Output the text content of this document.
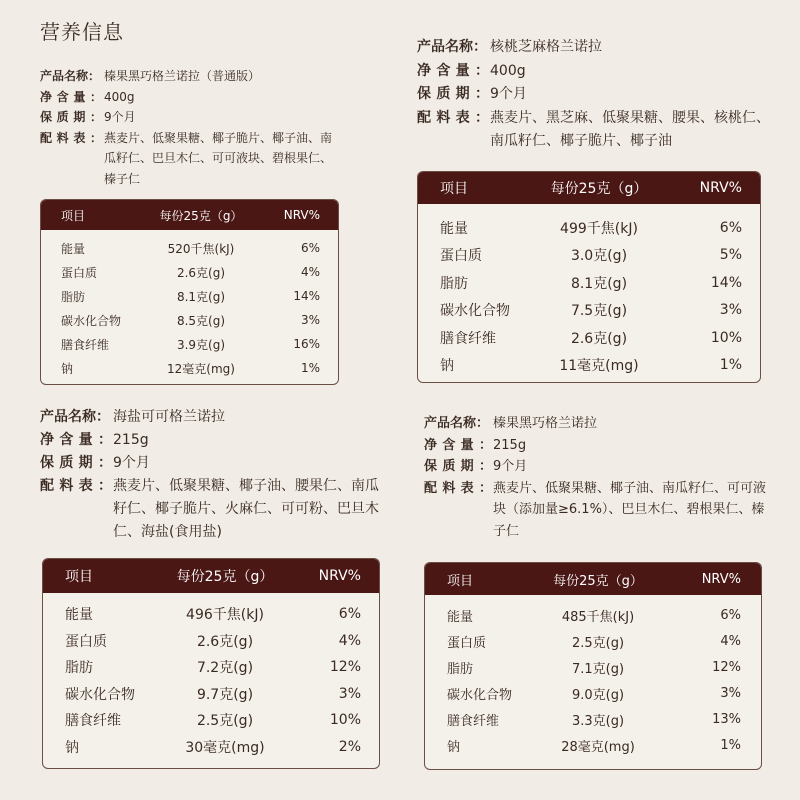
营养信息
产品名称： 榛果黑巧格兰诺拉（普通版）
净 含 量 ： 400g
保 质 期 ： 9个月
配 料 表 ： 燕麦片、低聚果糖、椰子脆片、椰子油、南瓜籽仁、巴旦木仁、可可液块、碧根果仁、榛子仁
项目	每份25克（g）	NRV%
能量	520千焦(kJ)	6%
蛋白质	2.6克(g)	4%
脂肪	8.1克(g)	14%
碳水化合物	8.5克(g)	3%
膳食纤维	3.9克(g)	16%
钠	12毫克(mg)	1%
产品名称： 核桃芝麻格兰诺拉
净 含 量 ： 400g
保 质 期 ： 9个月
配 料 表 ： 燕麦片、黑芝麻、低聚果糖、腰果、核桃仁、南瓜籽仁、椰子脆片、椰子油
项目	每份25克（g）	NRV%
能量	499千焦(kJ)	6%
蛋白质	3.0克(g)	5%
脂肪	8.1克(g)	14%
碳水化合物	7.5克(g)	3%
膳食纤维	2.6克(g)	10%
钠	11毫克(mg)	1%
产品名称： 海盐可可格兰诺拉
净 含 量 ： 215g
保 质 期 ： 9个月
配 料 表 ： 燕麦片、低聚果糖、椰子油、腰果仁、南瓜籽仁、椰子脆片、火麻仁、可可粉、巴旦木仁、海盐(食用盐)
项目	每份25克（g）	NRV%
能量	496千焦(kJ)	6%
蛋白质	2.6克(g)	4%
脂肪	7.2克(g)	12%
碳水化合物	9.7克(g)	3%
膳食纤维	2.5克(g)	10%
钠	30毫克(mg)	2%
产品名称： 榛果黑巧格兰诺拉
净 含 量 ： 215g
保 质 期 ： 9个月
配 料 表 ： 燕麦片、低聚果糖、椰子油、南瓜籽仁、可可液块（添加量≥6.1%）、巴旦木仁、碧根果仁、榛子仁
项目	每份25克（g）	NRV%
能量	485千焦(kJ)	6%
蛋白质	2.5克(g)	4%
脂肪	7.1克(g)	12%
碳水化合物	9.0克(g)	3%
膳食纤维	3.3克(g)	13%
钠	28毫克(mg)	1%
